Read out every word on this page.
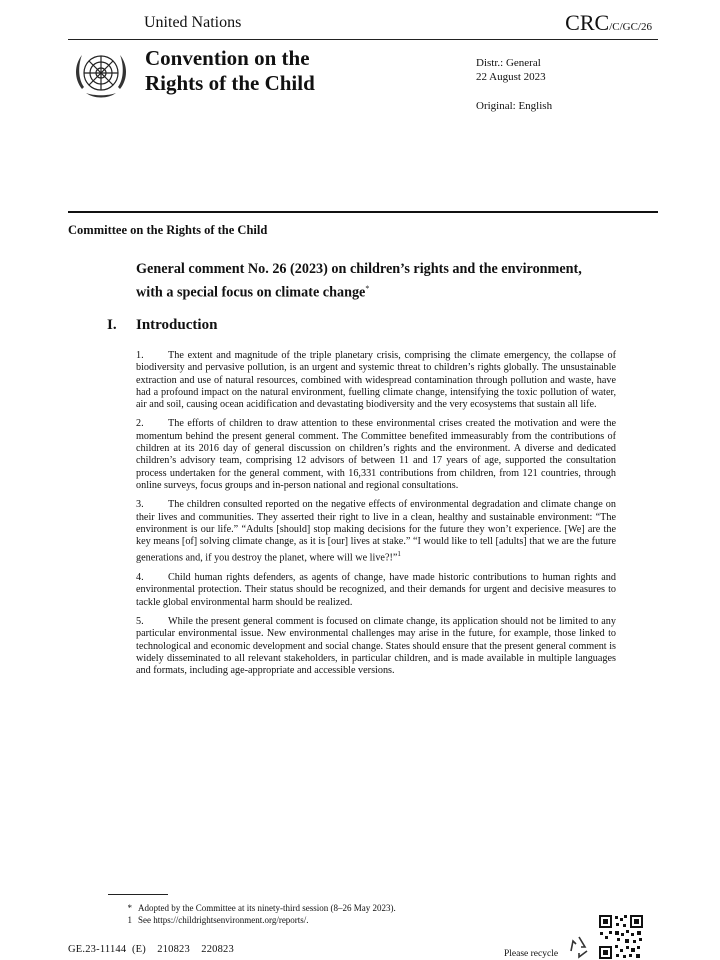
United Nations	CRC/C/GC/26
Convention on the
Rights of the Child
Distr.: General
22 August 2023
Original: English
Committee on the Rights of the Child
General comment No. 26 (2023) on children’s rights and the environment, with a special focus on climate change*
I. Introduction

1. The extent and magnitude of the triple planetary crisis, comprising the climate emergency, the collapse of biodiversity and pervasive pollution, is an urgent and systemic threat to children’s rights globally. The unsustainable extraction and use of natural resources, combined with widespread contamination through pollution and waste, have had a profound impact on the natural environment, fuelling climate change, intensifying the toxic pollution of water, air and soil, causing ocean acidification and devastating biodiversity and the very ecosystems that sustain all life.

2. The efforts of children to draw attention to these environmental crises created the motivation and were the momentum behind the present general comment. The Committee benefited immeasurably from the contributions of children at its 2016 day of general discussion on children’s rights and the environment. A diverse and dedicated children’s advisory team, comprising 12 advisors of between 11 and 17 years of age, supported the consultation process undertaken for the general comment, with 16,331 contributions from children, from 121 countries, through online surveys, focus groups and in-person national and regional consultations.

3. The children consulted reported on the negative effects of environmental degradation and climate change on their lives and communities. They asserted their right to live in a clean, healthy and sustainable environment: “The environment is our life.” “Adults [should] stop making decisions for the future they won’t experience. [We] are the key means [of] solving climate change, as it is [our] lives at stake.” “I would like to tell [adults] that we are the future generations and, if you destroy the planet, where will we live?!”$^1$

4. Child human rights defenders, as agents of change, have made historic contributions to human rights and environmental protection. Their status should be recognized, and their demands for urgent and decisive measures to tackle global environmental harm should be realized.

5. While the present general comment is focused on climate change, its application should not be limited to any particular environmental issue. New environmental challenges may arise in the future, for example, those linked to technological and economic development and social change. States should ensure that the present general comment is widely disseminated to all relevant stakeholders, in particular children, and is made available in multiple languages and formats, including age-appropriate and accessible versions.

* Adopted by the Committee at its ninety-third session (8–26 May 2023).
1 See https://childrightsenvironment.org/reports/.
GE.23-11144  (E)    210823    220823	Please recycle
